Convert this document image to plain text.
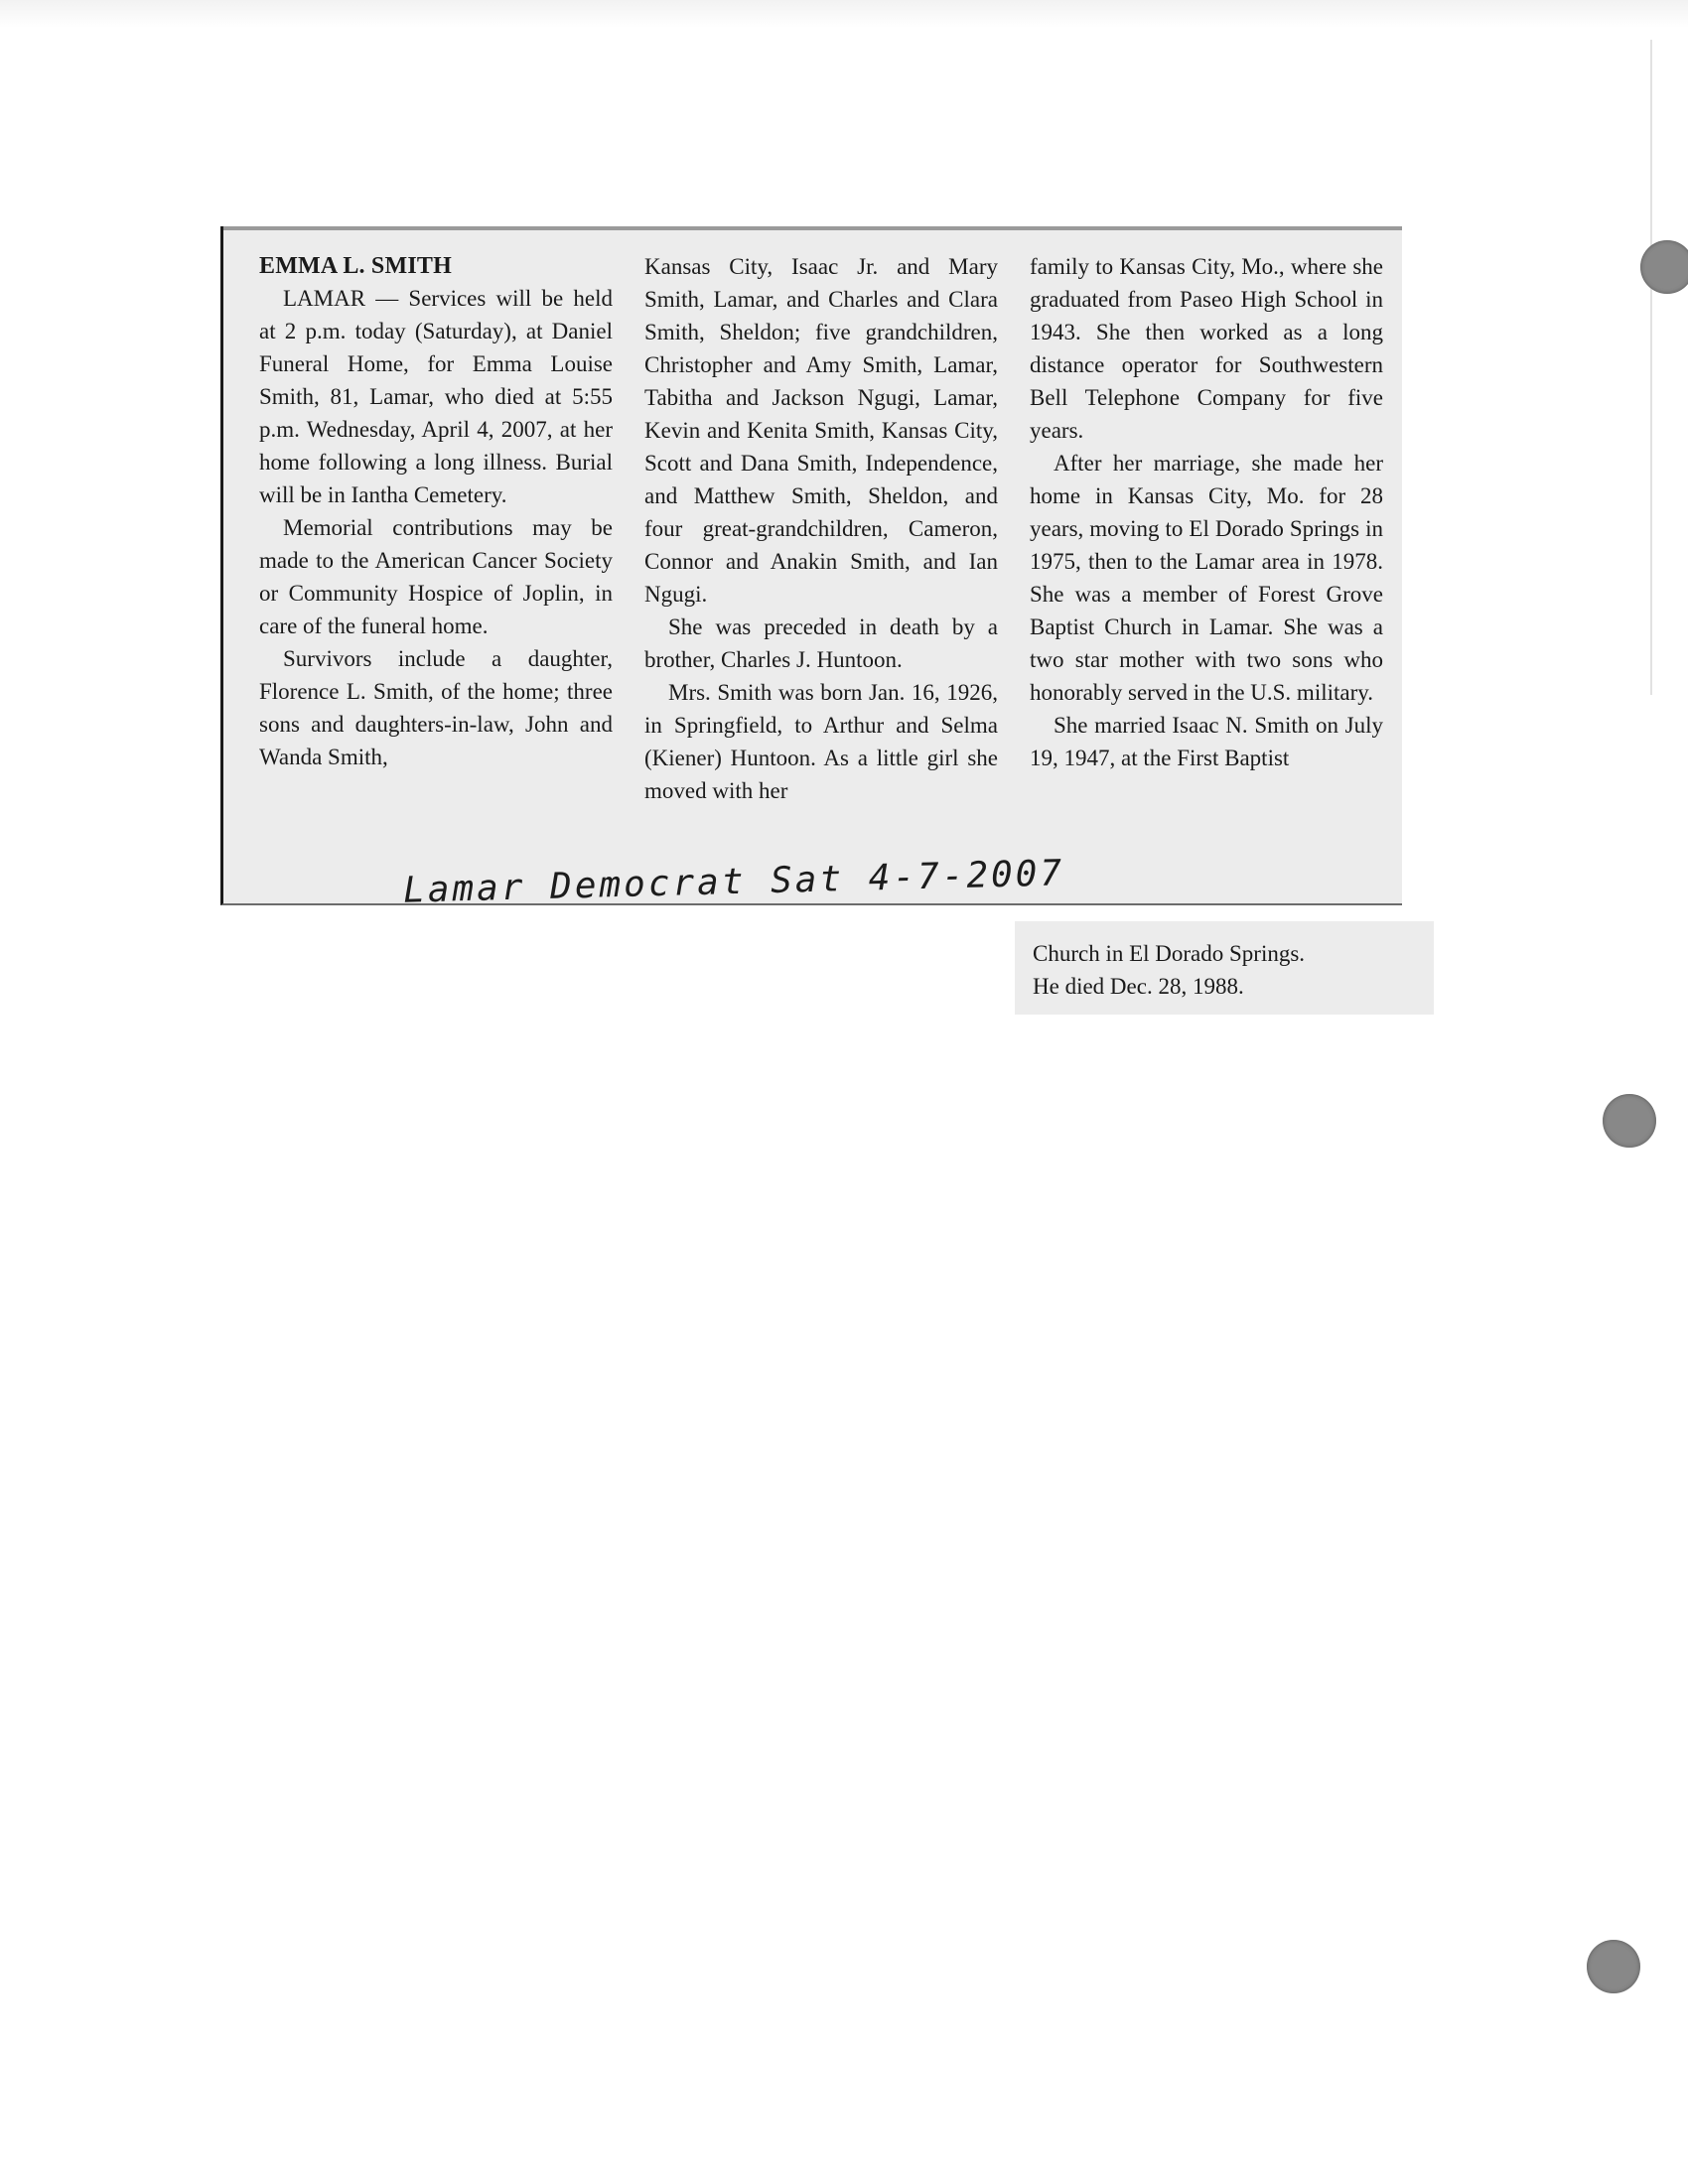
EMMA L. SMITH

LAMAR — Services will be held at 2 p.m. today (Saturday), at Daniel Funeral Home, for Emma Louise Smith, 81, Lamar, who died at 5:55 p.m. Wednesday, April 4, 2007, at her home following a long illness. Burial will be in Iantha Cemetery.

Memorial contributions may be made to the American Cancer Society or Community Hospice of Joplin, in care of the funeral home.

Survivors include a daughter, Florence L. Smith, of the home; three sons and daughters-in-law, John and Wanda Smith,

Kansas City, Isaac Jr. and Mary Smith, Lamar, and Charles and Clara Smith, Sheldon; five grandchildren, Christopher and Amy Smith, Lamar, Tabitha and Jackson Ngugi, Lamar, Kevin and Kenita Smith, Kansas City, Scott and Dana Smith, Independence, and Matthew Smith, Sheldon, and four great-grandchildren, Cameron, Connor and Anakin Smith, and Ian Ngugi.

She was preceded in death by a brother, Charles J. Huntoon.

Mrs. Smith was born Jan. 16, 1926, in Springfield, to Arthur and Selma (Kiener) Huntoon. As a little girl she moved with her

family to Kansas City, Mo., where she graduated from Paseo High School in 1943. She then worked as a long distance operator for Southwestern Bell Telephone Company for five years.

After her marriage, she made her home in Kansas City, Mo. for 28 years, moving to El Dorado Springs in 1975, then to the Lamar area in 1978. She was a member of Forest Grove Baptist Church in Lamar. She was a two star mother with two sons who honorably served in the U.S. military.

She married Isaac N. Smith on July 19, 1947, at the First Baptist

Lamar Democrat Sat 4-7-2007

Church in El Dorado Springs.

He died Dec. 28, 1988.
